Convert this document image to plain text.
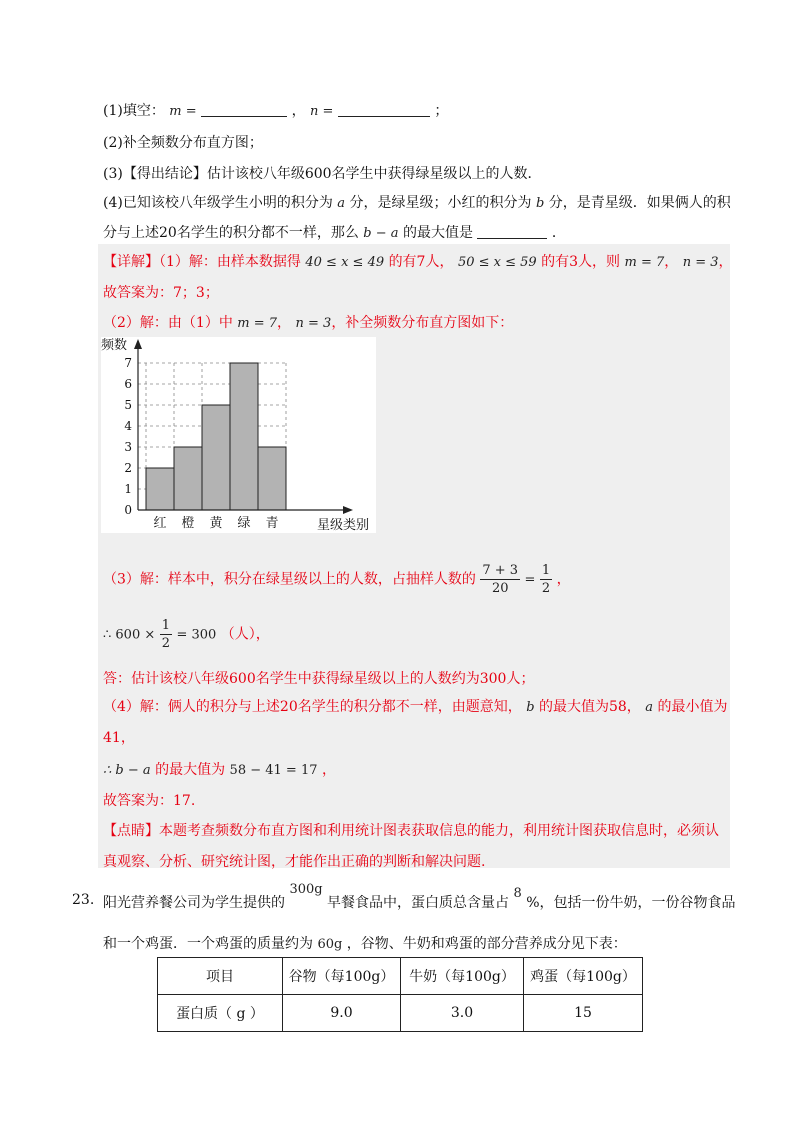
(1)填空： m =	， n =	；
(2)补全频数分布直方图；
(3)【得出结论】估计该校八年级600名学生中获得绿星级以上的人数．
(4)已知该校八年级学生小明的积分为 a 分，是绿星级；小红的积分为 b 分，是青星级．如果俩人的积
分与上述20名学生的积分都不一样，那么 b − a 的最大值是	．
【详解】（1）解：由样本数据得 40 ≤ x ≤ 49 的有7人， 50 ≤ x ≤ 59 的有3人，则 m = 7， n = 3，
故答案为：7；3；
（2）解：由（1）中 m = 7， n = 3，补全频数分布直方图如下：
0
1
2
3
4
5
6
7
红 橙 黄 绿 青
频数
星级类别
（3）解：样本中，积分在绿星级以上的人数，占抽样人数的 $\frac{7 + 3}{20} = \frac{1}{2}$ ，
∴ $600 \times \frac{1}{2} = 300$ （人），
答：估计该校八年级600名学生中获得绿星级以上的人数约为300人；
（4）解：俩人的积分与上述20名学生的积分都不一样，由题意知， b 的最大值为58， a 的最小值为
41，
∴ b − a 的最大值为 58 − 41 = 17 ，
故答案为：17.
【点睛】本题考查频数分布直方图和利用统计图表获取信息的能力，利用统计图获取信息时，必须认
真观察、分析、研究统计图，才能作出正确的判断和解决问题.
23. 阳光营养餐公司为学生提供的 300g 早餐食品中，蛋白质总含量占 8 %，包括一份牛奶，一份谷物食品
和一个鸡蛋．一个鸡蛋的质量约为 60g ，谷物、牛奶和鸡蛋的部分营养成分见下表：
项目	谷物（每100g）	牛奶（每100g）	鸡蛋（每100g）
蛋白质（ g ）	9.0	3.0	15
